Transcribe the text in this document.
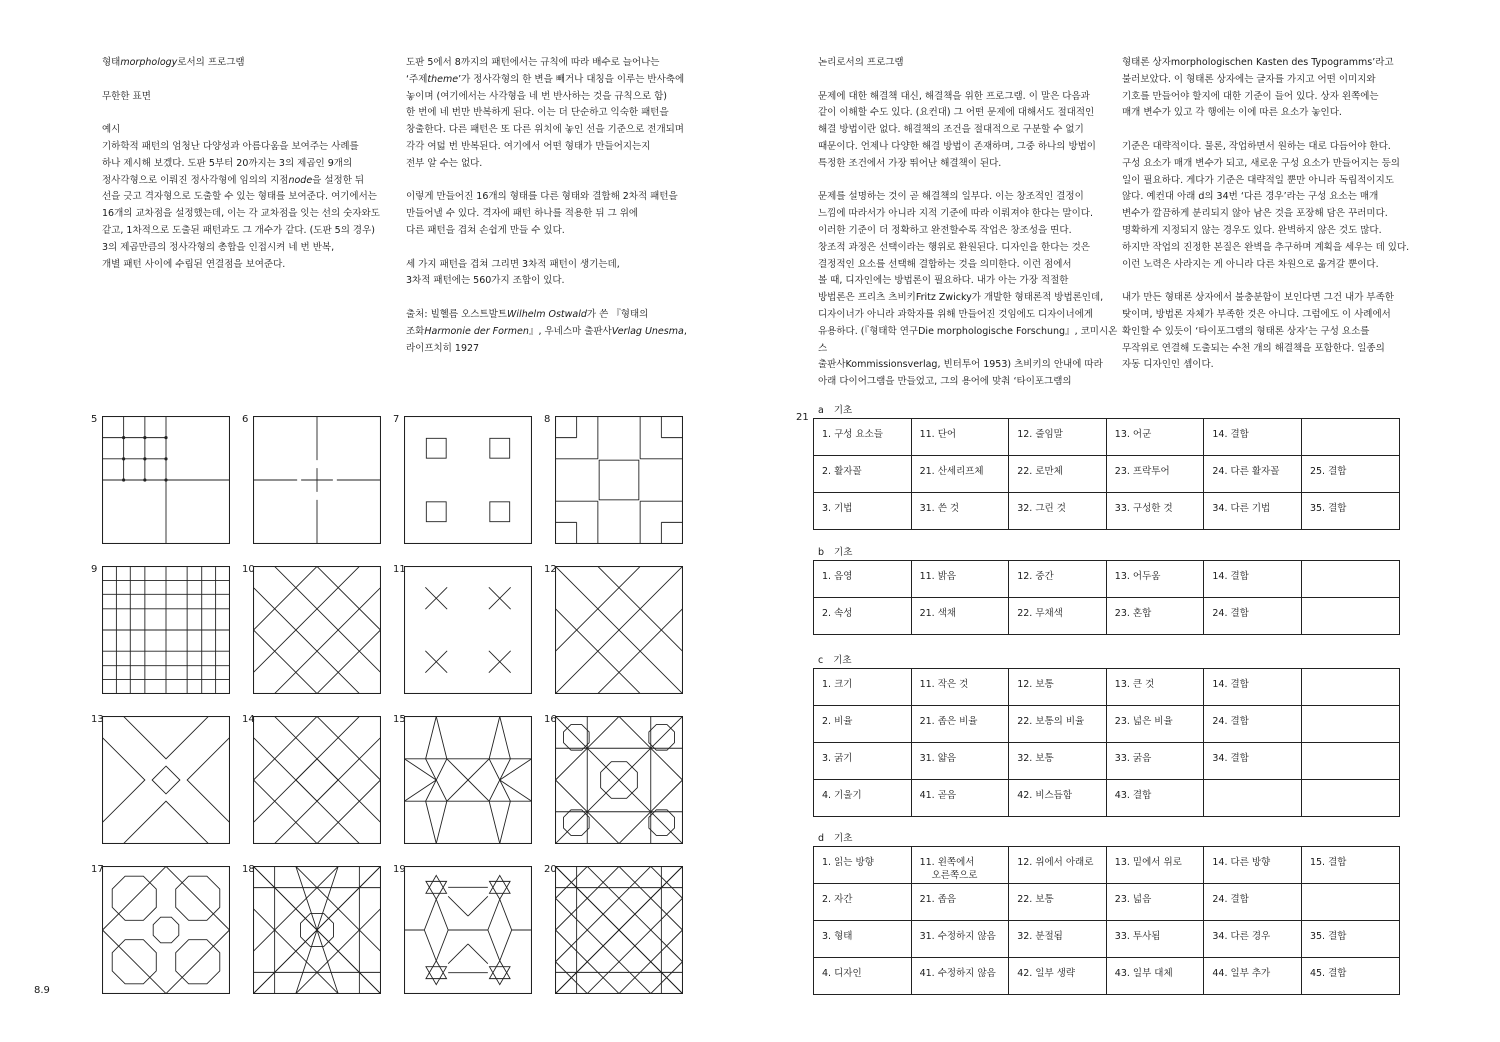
형태morphology로서의 프로그램

무한한 표면

예시

기하학적 패턴의 엄청난 다양성과 아름다움을 보여주는 사례를

하나 제시해 보겠다. 도판 5부터 20까지는 3의 제곱인 9개의

정사각형으로 이뤄진 정사각형에 임의의 지점node을 설정한 뒤

선을 긋고 격자형으로 도출할 수 있는 형태를 보여준다. 여기에서는

16개의 교차점을 설정했는데, 이는 각 교차점을 잇는 선의 숫자와도

같고, 1차적으로 도출된 패턴과도 그 개수가 같다. (도판 5의 경우)

3의 제곱만큼의 정사각형의 총합을 인접시켜 네 번 반복,

개별 패턴 사이에 수립된 연결점을 보여준다.

도판 5에서 8까지의 패턴에서는 규칙에 따라 배수로 늘어나는

‘주제theme’가 정사각형의 한 변을 빼거나 대칭을 이루는 반사축에

놓이며 (여기에서는 사각형을 네 번 반사하는 것을 규칙으로 함)

한 번에 네 번만 반복하게 된다. 이는 더 단순하고 익숙한 패턴을

창출한다. 다른 패턴은 또 다른 위치에 놓인 선을 기준으로 전개되며

각각 여덟 번 반복된다. 여기에서 어떤 형태가 만들어지는지

전부 알 수는 없다.

이렇게 만들어진 16개의 형태를 다른 형태와 결합해 2차적 패턴을

만들어낼 수 있다. 격자에 패턴 하나를 적용한 뒤 그 위에

다른 패턴을 겹쳐 손쉽게 만들 수 있다.

세 가지 패턴을 겹쳐 그리면 3차적 패턴이 생기는데,

3차적 패턴에는 560가지 조합이 있다.

출처: 빌헬름 오스트발트Wilhelm Ostwald가 쓴 『형태의

조화Harmonie der Formen』, 우네스마 출판사Verlag Unesma,

라이프치히 1927

5	6	7	8
9	10	11	12
13	14	15	16
17	18	19	20
8.9

논리로서의 프로그램

문제에 대한 해결책 대신, 해결책을 위한 프로그램. 이 말은 다음과

같이 이해할 수도 있다. (요컨대) 그 어떤 문제에 대해서도 절대적인

해결 방법이란 없다. 해결책의 조건을 절대적으로 구분할 수 없기

때문이다. 언제나 다양한 해결 방법이 존재하며, 그중 하나의 방법이

특정한 조건에서 가장 뛰어난 해결책이 된다.

문제를 설명하는 것이 곧 해결책의 일부다. 이는 창조적인 결정이

느낌에 따라서가 아니라 지적 기준에 따라 이뤄져야 한다는 말이다.

이러한 기준이 더 정확하고 완전할수록 작업은 창조성을 띤다.

창조적 과정은 선택이라는 행위로 환원된다. 디자인을 한다는 것은

결정적인 요소를 선택해 결합하는 것을 의미한다. 이런 점에서

볼 때, 디자인에는 방법론이 필요하다. 내가 아는 가장 적절한

방법론은 프리츠 츠비키Fritz Zwicky가 개발한 형태론적 방법론인데,

디자이너가 아니라 과학자를 위해 만들어진 것임에도 디자이너에게

유용하다. (『형태학 연구Die morphologische Forschung』, 코미시온스

출판사Kommissionsverlag, 빈터투어 1953) 츠비키의 안내에 따라

아래 다이어그램을 만들었고, 그의 용어에 맞춰 ‘타이포그램의

형태론 상자morphologischen Kasten des Typogramms’라고

불러보았다. 이 형태론 상자에는 글자를 가지고 어떤 이미지와

기호를 만들어야 할지에 대한 기준이 들어 있다. 상자 왼쪽에는

매개 변수가 있고 각 행에는 이에 따른 요소가 놓인다.

기준은 대략적이다. 물론, 작업하면서 원하는 대로 다듬어야 한다.

구성 요소가 매개 변수가 되고, 새로운 구성 요소가 만들어지는 등의

일이 필요하다. 게다가 기준은 대략적일 뿐만 아니라 독립적이지도

않다. 예컨대 아래 d의 34번 ‘다른 경우’라는 구성 요소는 매개

변수가 깔끔하게 분리되지 않아 남은 것을 포장해 담은 꾸러미다.

명확하게 지정되지 않는 경우도 있다. 완벽하지 않은 것도 많다.

하지만 작업의 진정한 본질은 완벽을 추구하며 계획을 세우는 데 있다.

이런 노력은 사라지는 게 아니라 다른 차원으로 옮겨갈 뿐이다.

내가 만든 형태론 상자에서 불충분함이 보인다면 그건 내가 부족한

탓이며, 방법론 자체가 부족한 것은 아니다. 그럼에도 이 사례에서

확인할 수 있듯이 ‘타이포그램의 형태론 상자’는 구성 요소를

무작위로 연결해 도출되는 수천 개의 해결책을 포함한다. 일종의

자동 디자인인 셈이다.

21
a 기초
1. 구성 요소들	11. 단어	12. 줄임말	13. 어군	14. 결합	
2. 활자꼴	21. 산세리프체	22. 로만체	23. 프락투어	24. 다른 활자꼴	25. 결합
3. 기법	31. 쓴 것	32. 그린 것	33. 구성한 것	34. 다른 기법	35. 결합
b 기초
1. 음영	11. 밝음	12. 중간	13. 어두움	14. 결합	
2. 속성	21. 색채	22. 무채색	23. 혼합	24. 결합	
c 기초
1. 크기	11. 작은 것	12. 보통	13. 큰 것	14. 결합	
2. 비율	21. 좁은 비율	22. 보통의 비율	23. 넓은 비율	24. 결합	
3. 굵기	31. 얇음	32. 보통	33. 굵음	34. 결합	
4. 기울기	41. 곧음	42. 비스듬함	43. 결합		
d 기초
1. 읽는 방향	11. 왼쪽에서
오른쪽으로	12. 위에서 아래로	13. 밑에서 위로	14. 다른 방향	15. 결합
2. 자간	21. 좁음	22. 보통	23. 넓음	24. 결합	
3. 형태	31. 수정하지 않음	32. 분절됨	33. 투사됨	34. 다른 경우	35. 결합
4. 디자인	41. 수정하지 않음	42. 일부 생략	43. 일부 대체	44. 일부 추가	45. 결합
